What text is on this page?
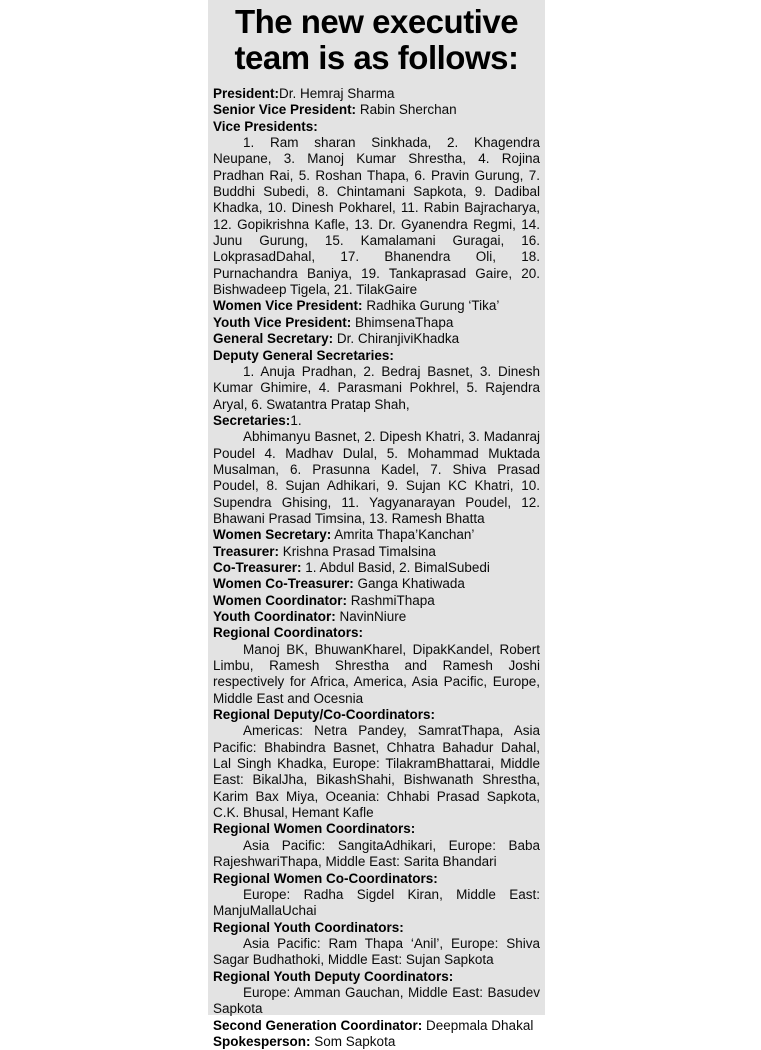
The new executive team is as follows:

President:Dr. Hemraj Sharma

Senior Vice President: Rabin Sherchan

Vice Presidents:

1. Ram sharan Sinkhada, 2. Khagendra Neupane, 3. Manoj Kumar Shrestha, 4. Rojina Pradhan Rai, 5. Roshan Thapa, 6. Pravin Gurung, 7. Buddhi Subedi, 8. Chintamani Sapkota, 9. Dadibal Khadka, 10. Dinesh Pokharel, 11. Rabin Bajracharya, 12. Gopikrishna Kafle, 13. Dr. Gyanendra Regmi, 14. Junu Gurung, 15. Kamalamani Guragai, 16. LokprasadDahal, 17. Bhanendra Oli, 18. Purnachandra Baniya, 19. Tankaprasad Gaire, 20. Bishwadeep Tigela, 21. TilakGaire

Women Vice President: Radhika Gurung ‘Tika’

Youth Vice President: BhimsenaThapa

General Secretary: Dr. ChiranjiviKhadka

Deputy General Secretaries:

1. Anuja Pradhan, 2. Bedraj Basnet, 3. Dinesh Kumar Ghimire, 4. Parasmani Pokhrel, 5. Rajendra Aryal, 6. Swatantra Pratap Shah,

Secretaries:1.

Abhimanyu Basnet, 2. Dipesh Khatri, 3. Madanraj Poudel 4. Madhav Dulal, 5. Mohammad Muktada Musalman, 6. Prasunna Kadel, 7. Shiva Prasad Poudel, 8. Sujan Adhikari, 9. Sujan KC Khatri, 10. Supendra Ghising, 11. Yagyanarayan Poudel, 12. Bhawani Prasad Timsina, 13. Ramesh Bhatta

Women Secretary: Amrita Thapa’Kanchan’

Treasurer: Krishna Prasad Timalsina

Co-Treasurer: 1. Abdul Basid, 2. BimalSubedi

Women Co-Treasurer: Ganga Khatiwada

Women Coordinator: RashmiThapa

Youth Coordinator: NavinNiure

Regional Coordinators:

Manoj BK, BhuwanKharel, DipakKandel, Robert Limbu, Ramesh Shrestha and Ramesh Joshi respectively for Africa, America, Asia Pacific, Europe, Middle East and Ocesnia

Regional Deputy/Co-Coordinators:

Americas: Netra Pandey, SamratThapa, Asia Pacific: Bhabindra Basnet, Chhatra Bahadur Dahal, Lal Singh Khadka, Europe: TilakramBhattarai, Middle East: BikalJha, BikashShahi, Bishwanath Shrestha, Karim Bax Miya, Oceania: Chhabi Prasad Sapkota, C.K. Bhusal, Hemant Kafle

Regional Women Coordinators:

Asia Pacific: SangitaAdhikari, Europe: Baba RajeshwariThapa, Middle East: Sarita Bhandari

Regional Women Co-Coordinators:

Europe: Radha Sigdel Kiran, Middle East: ManjuMallaUchai

Regional Youth Coordinators:

Asia Pacific: Ram Thapa ‘Anil’, Europe: Shiva Sagar Budhathoki, Middle East: Sujan Sapkota

Regional Youth Deputy Coordinators:

Europe: Amman Gauchan, Middle East: Basudev Sapkota

Second Generation Coordinator: Deepmala Dhakal

Spokesperson: Som Sapkota
